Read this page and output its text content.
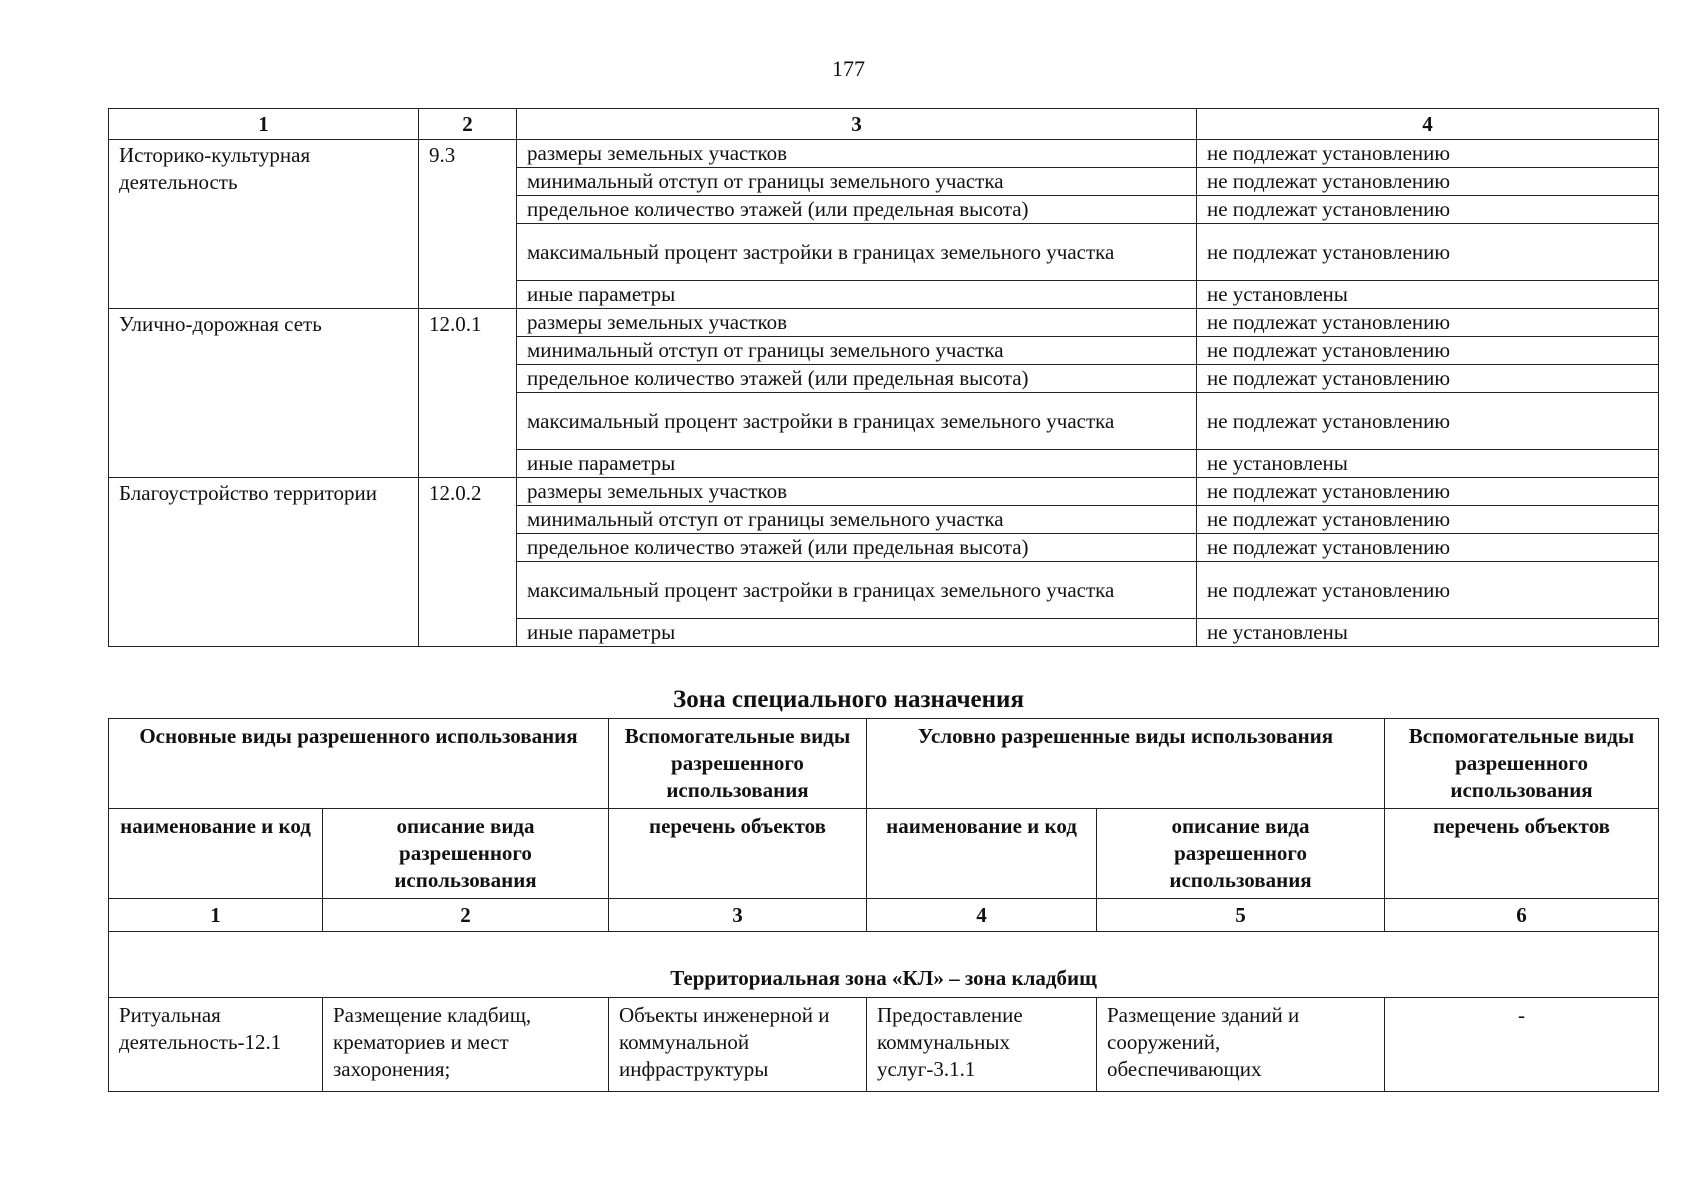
177
1	2	3	4
Историко-культурная деятельность	9.3	размеры земельных участков	не подлежат установлению
		минимальный отступ от границы земельного участка	не подлежат установлению
		предельное количество этажей (или предельная высота)	не подлежат установлению
		максимальный процент застройки в границах земельного участка	не подлежат установлению
		иные параметры	не установлены
Улично-дорожная сеть	12.0.1	размеры земельных участков	не подлежат установлению
		минимальный отступ от границы земельного участка	не подлежат установлению
		предельное количество этажей (или предельная высота)	не подлежат установлению
		максимальный процент застройки в границах земельного участка	не подлежат установлению
		иные параметры	не установлены
Благоустройство территории	12.0.2	размеры земельных участков	не подлежат установлению
		минимальный отступ от границы земельного участка	не подлежат установлению
		предельное количество этажей (или предельная высота)	не подлежат установлению
		максимальный процент застройки в границах земельного участка	не подлежат установлению
		иные параметры	не установлены
Зона специального назначения
Основные виды разрешенного использования		Вспомогательные виды разрешенного использования	Условно разрешенные виды использования		Вспомогательные виды разрешенного использования
наименование и код	описание вида разрешенного использования	перечень объектов	наименование и код	описание вида разрешенного использования	перечень объектов
1	2	3	4	5	6
Территориальная зона «КЛ» – зона кладбищ					
Ритуальная деятельность-12.1	Размещение кладбищ, крематориев и мест захоронения;	Объекты инженерной и коммунальной инфраструктуры	Предоставление коммунальных услуг-3.1.1	Размещение зданий и сооружений, обеспечивающих	-
